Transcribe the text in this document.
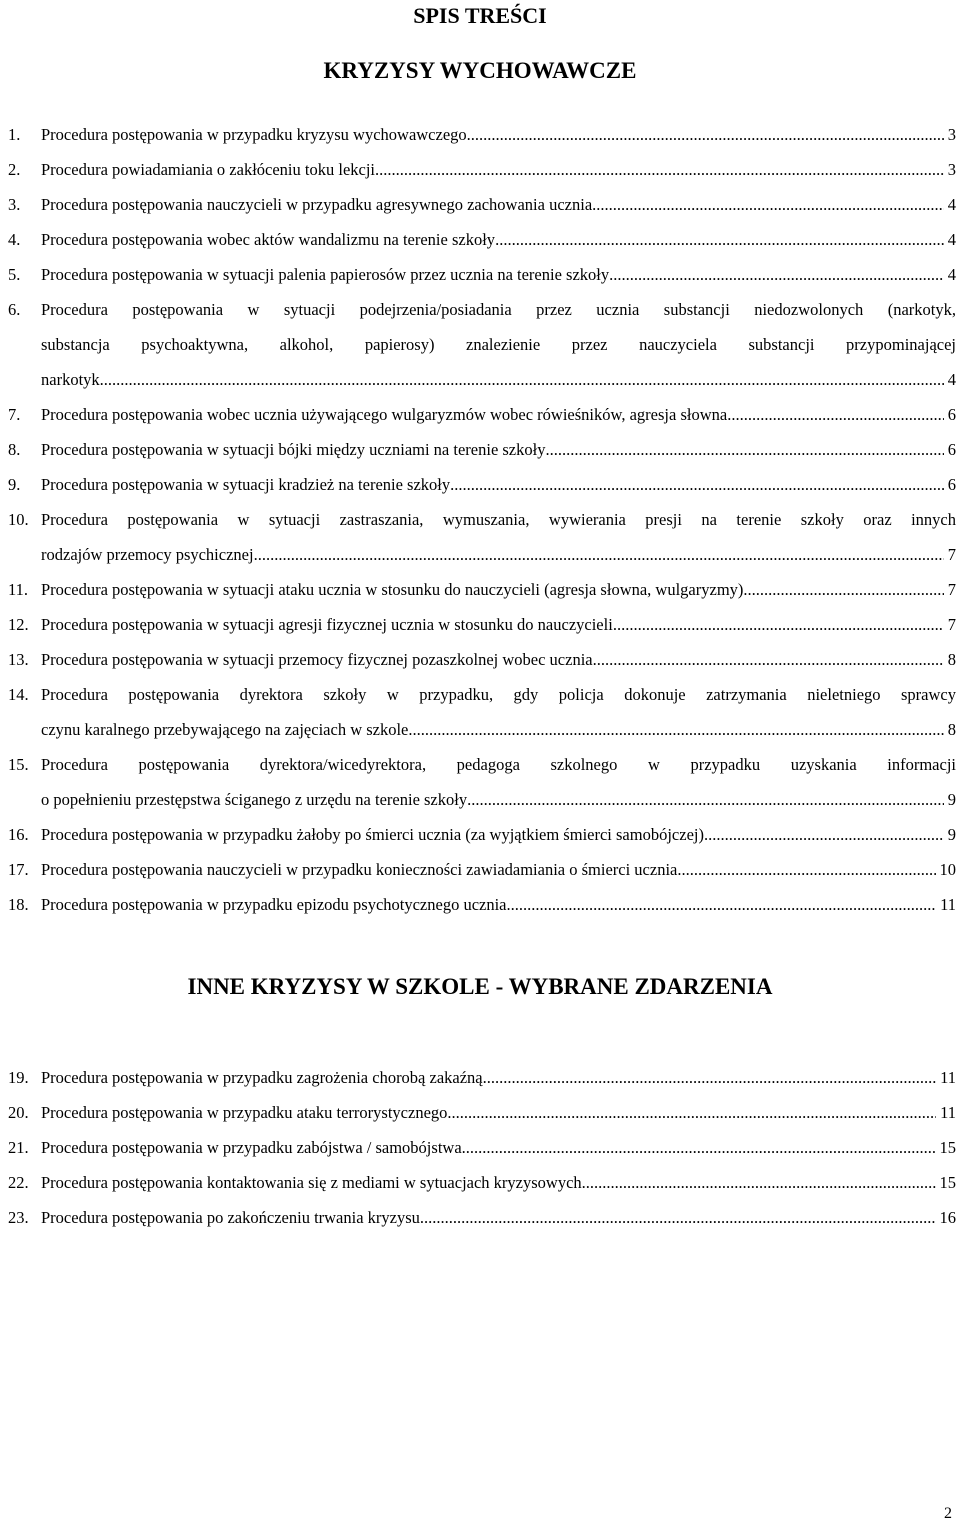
SPIS TREŚCI
KRYZYSY WYCHOWAWCZE
1.	Procedura postępowania w przypadku kryzysu wychowawczego .....	3
2.	Procedura powiadamiania o zakłóceniu toku lekcji .....	3
3.	Procedura postępowania nauczycieli w przypadku agresywnego zachowania ucznia .....	4
4.	Procedura postępowania wobec aktów wandalizmu na terenie szkoły .....	4
5.	Procedura postępowania w sytuacji palenia papierosów przez ucznia na terenie szkoły .....	4
6.	Procedura postępowania w sytuacji podejrzenia/posiadania przez ucznia substancji niedozwolonych (narkotyk,
substancja psychoaktywna, alkohol, papierosy) znalezienie przez nauczyciela substancji przypominającej
narkotyk .....	4
7.	Procedura postępowania wobec ucznia używającego wulgaryzmów wobec rówieśników, agresja słowna .....	6
8.	Procedura postępowania w sytuacji bójki między uczniami na terenie szkoły .....	6
9.	Procedura postępowania w sytuacji kradzież na terenie szkoły .....	6
10. Procedura postępowania w sytuacji zastraszania, wymuszania, wywierania presji na terenie szkoły oraz innych
rodzajów przemocy psychicznej .....	7
11. Procedura postępowania w sytuacji ataku ucznia w stosunku do nauczycieli (agresja słowna, wulgaryzmy) .....	7
12. Procedura postępowania w sytuacji agresji fizycznej ucznia w stosunku do nauczycieli .....	7
13. Procedura postępowania w sytuacji przemocy fizycznej pozaszkolnej wobec ucznia .....	8
14. Procedura postępowania dyrektora szkoły w przypadku, gdy policja dokonuje zatrzymania nieletniego sprawcy
czynu karalnego przebywającego na zajęciach w szkole .....	8
15. Procedura postępowania dyrektora/wicedyrektora, pedagoga szkolnego w przypadku uzyskania informacji
o popełnieniu przestępstwa ściganego z urzędu na terenie szkoły .....	9
16. Procedura postępowania w przypadku żałoby po śmierci ucznia (za wyjątkiem śmierci samobójczej) .....	9
17. Procedura postępowania nauczycieli w przypadku konieczności zawiadamiania o śmierci ucznia .....	10
18. Procedura postępowania w przypadku epizodu psychotycznego ucznia .....	11
INNE KRYZYSY W SZKOLE - WYBRANE ZDARZENIA
19. Procedura postępowania w przypadku zagrożenia chorobą zakaźną .....	11
20. Procedura postępowania w przypadku ataku terrorystycznego .....	11
21. Procedura postępowania w przypadku zabójstwa / samobójstwa .....	15
22. Procedura postępowania kontaktowania się z mediami w sytuacjach kryzysowych .....	15
23. Procedura postępowania po zakończeniu trwania kryzysu .....	16
2
